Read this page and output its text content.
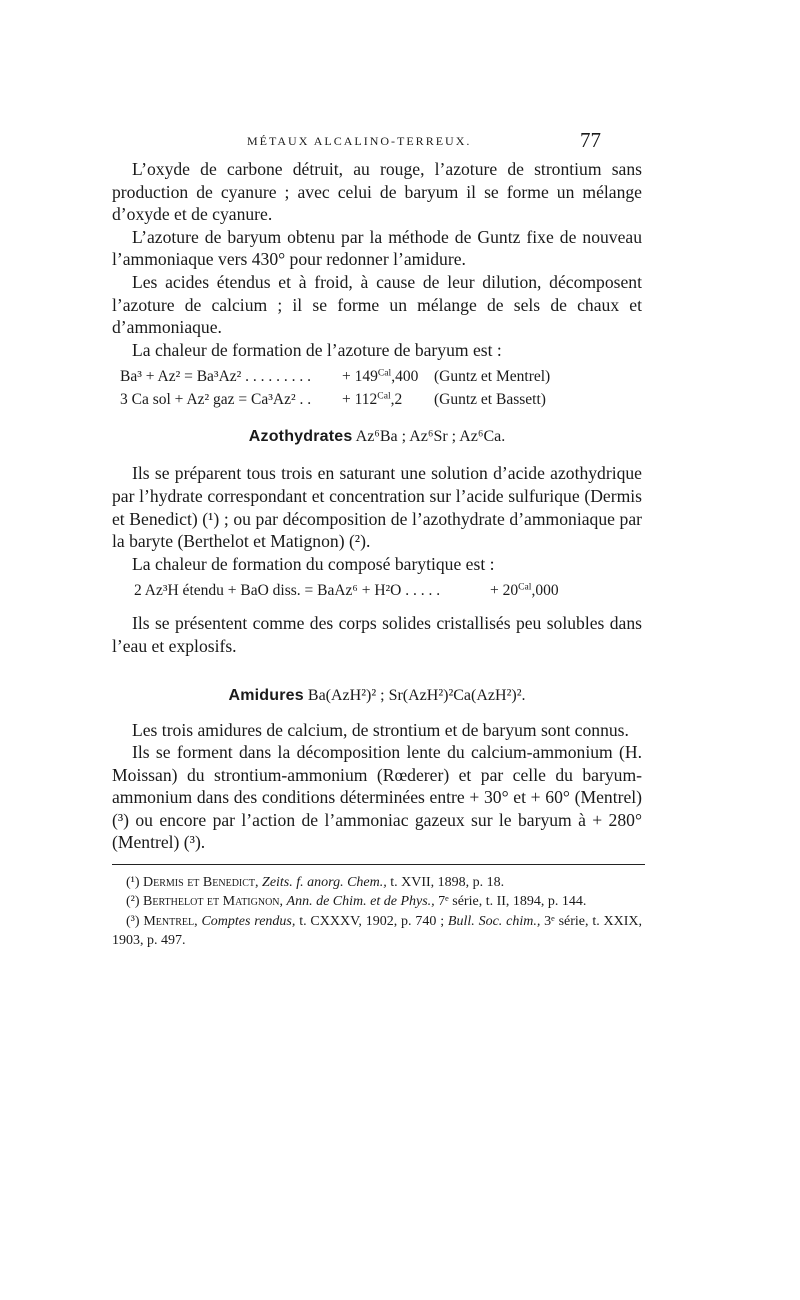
MÉTAUX ALCALINO-TERREUX.	77

L’oxyde de carbone détruit, au rouge, l’azoture de strontium sans production de cyanure ; avec celui de baryum il se forme un mélange d’oxyde et de cyanure.

L’azoture de baryum obtenu par la méthode de Guntz fixe de nouveau l’ammoniaque vers 430° pour redonner l’amidure.

Les acides étendus et à froid, à cause de leur dilution, décomposent l’azoture de calcium ; il se forme un mélange de sels de chaux et d’ammoniaque.

La chaleur de formation de l’azoture de baryum est :

Ba³ + Az² = Ba³Az² . . . . . . . . . + $149^{Cal},400$ (Guntz et Mentrel)
3 Ca sol + Az² gaz = Ca³Az² . . + $112^{Cal},2$ (Guntz et Bassett)
Azothydrates Az⁶Ba ; Az⁶Sr ; Az⁶Ca.

Ils se préparent tous trois en saturant une solution d’acide azothydrique par l’hydrate correspondant et concentration sur l’acide sulfurique (Dermis et Benedict) (¹) ; ou par décomposition de l’azothydrate d’ammoniaque par la baryte (Berthelot et Matignon) (²).

La chaleur de formation du composé barytique est :

2 Az³H étendu + BaO diss. = BaAz⁶ + H²O . . . . .	+ $20^{Cal},000$

Ils se présentent comme des corps solides cristallisés peu solubles dans l’eau et explosifs.

Amidures Ba(AzH²)² ; Sr(AzH²)²Ca(AzH²)².

Les trois amidures de calcium, de strontium et de baryum sont connus.

Ils se forment dans la décomposition lente du calcium-ammonium (H. Moissan) du strontium-ammonium (Rœderer) et par celle du baryum-ammonium dans des conditions déterminées entre + 30° et + 60° (Mentrel) (³) ou encore par l’action de l’ammoniac gazeux sur le baryum à + 280° (Mentrel) (³).

(¹) Dermis et Benedict, Zeits. f. anorg. Chem., t. XVII, 1898, p. 18.
(²) Berthelot et Matignon, Ann. de Chim. et de Phys., 7ᵉ série, t. II, 1894, p. 144.
(³) Mentrel, Comptes rendus, t. CXXXV, 1902, p. 740 ; Bull. Soc. chim., 3ᵉ série, t. XXIX, 1903, p. 497.
